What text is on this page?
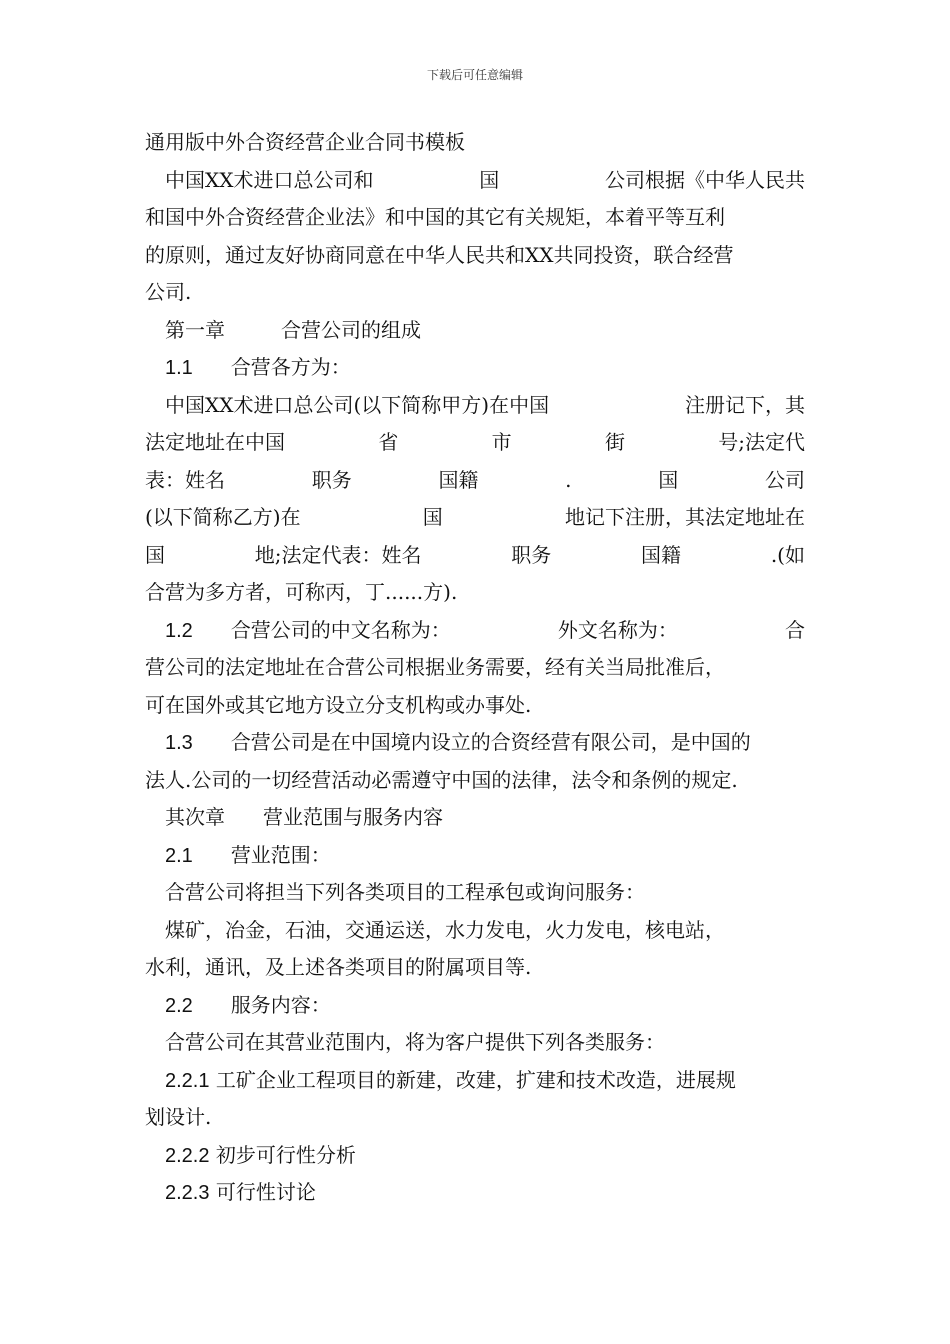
下载后可任意编辑
通用版中外合资经营企业合同书模板
中国XX术进口总公司和	国	公司根据《中华人民共
和国中外合资经营企业法》和中国的其它有关规矩，本着平等互利
的原则，通过友好协商同意在中华人民共和XX共同投资，联合经营
公司.
第一章	合营公司的组成
1.1 合营各方为：
中国XX术进口总公司(以下简称甲方)在中国	注册记下，其
法定地址在中国	省	市	街	号;法定代
表：姓名	职务	国籍	.	国	公司
(以下简称乙方)在	国	地记下注册，其法定地址在
国	地;法定代表：姓名	职务	国籍	.(如
合营为多方者，可称丙，丁......方).
1.2 合营公司的中文名称为：	外文名称为：	合
营公司的法定地址在合营公司根据业务需要，经有关当局批准后，
可在国外或其它地方设立分支机构或办事处.
1.3 合营公司是在中国境内设立的合资经营有限公司，是中国的
法人.公司的一切经营活动必需遵守中国的法律，法令和条例的规定.
其次章 营业范围与服务内容
2.1 营业范围：
合营公司将担当下列各类项目的工程承包或询问服务：
煤矿，冶金，石油，交通运送，水力发电，火力发电，核电站，
水利，通讯，及上述各类项目的附属项目等.
2.2 服务内容：
合营公司在其营业范围内，将为客户提供下列各类服务：
2.2.1 工矿企业工程项目的新建，改建，扩建和技术改造，进展规
划设计.
2.2.2 初步可行性分析
2.2.3 可行性讨论
